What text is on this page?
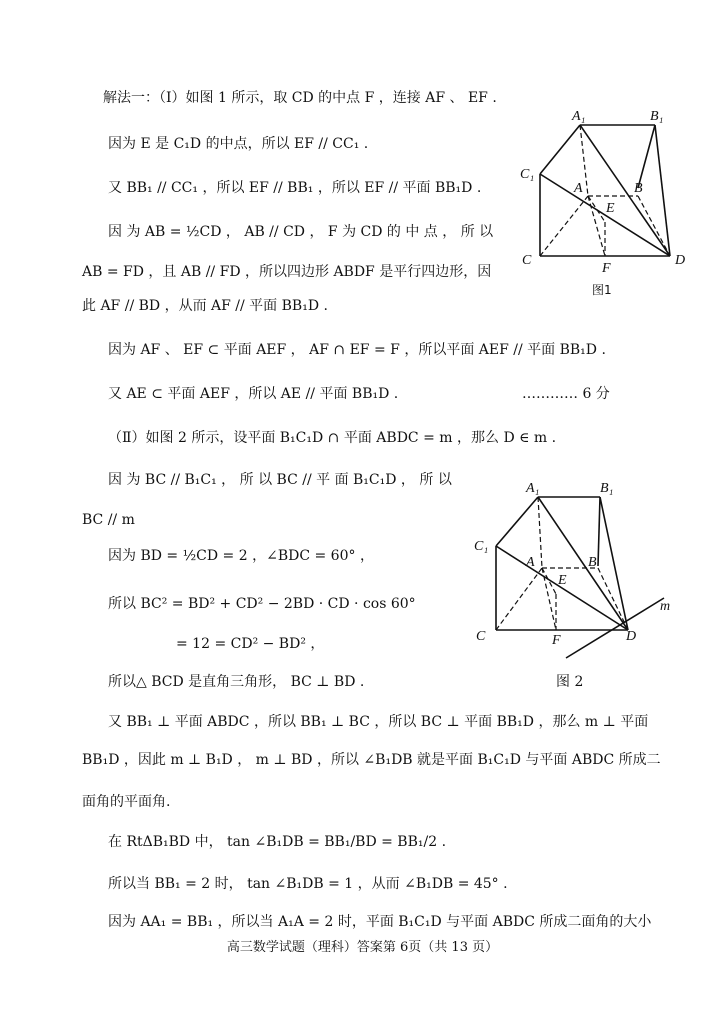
解法一：（Ⅰ）如图 1 所示，取 CD 的中点 F ，连接 AF 、 EF .
因为 E 是 C₁D 的中点，所以 EF // CC₁ .
又 BB₁ // CC₁ ，所以 EF // BB₁ ，所以 EF // 平面 BB₁D .
因 为 AB = ½CD ， AB // CD ， F 为 CD 的 中 点 ， 所 以
AB = FD ，且 AB // FD ，所以四边形 ABDF 是平行四边形，因
此 AF // BD ，从而 AF // 平面 BB₁D .
因为 AF 、 EF ⊂ 平面 AEF ， AF ∩ EF = F ，所以平面 AEF // 平面 BB₁D .
又 AE ⊂ 平面 AEF ，所以 AE // 平面 BB₁D .	………… 6 分
（Ⅱ）如图 2 所示，设平面 B₁C₁D ∩ 平面 ABDC = m ，那么 D ∈ m .
因 为 BC // B₁C₁ ， 所 以 BC // 平 面 B₁C₁D ， 所 以
BC // m
因为 BD = ½CD = 2 ，∠BDC = 60° ，
所以 BC² = BD² + CD² − 2BD · CD · cos 60°
= 12 = CD² − BD² ，
所以△ BCD 是直角三角形， BC ⊥ BD .	图 2
又 BB₁ ⊥ 平面 ABDC ，所以 BB₁ ⊥ BC ，所以 BC ⊥ 平面 BB₁D ，那么 m ⊥ 平面
BB₁D ，因此 m ⊥ B₁D ， m ⊥ BD ，所以 ∠B₁DB 就是平面 B₁C₁D 与平面 ABDC 所成二
面角的平面角.
在 RtΔB₁BD 中， tan ∠B₁DB = BB₁/BD = BB₁/2 .
所以当 BB₁ = 2 时， tan ∠B₁DB = 1 ，从而 ∠B₁DB = 45° .
因为 AA₁ = BB₁ ，所以当 A₁A = 2 时，平面 B₁C₁D 与平面 ABDC 所成二面角的大小
高三数学试题（理科）答案第 6页（共 13 页）
A₁	B₁
C₁
A	B
E
C
F
D
图1
A₁	B₁
C₁
A	B
E
C	F	D
m
